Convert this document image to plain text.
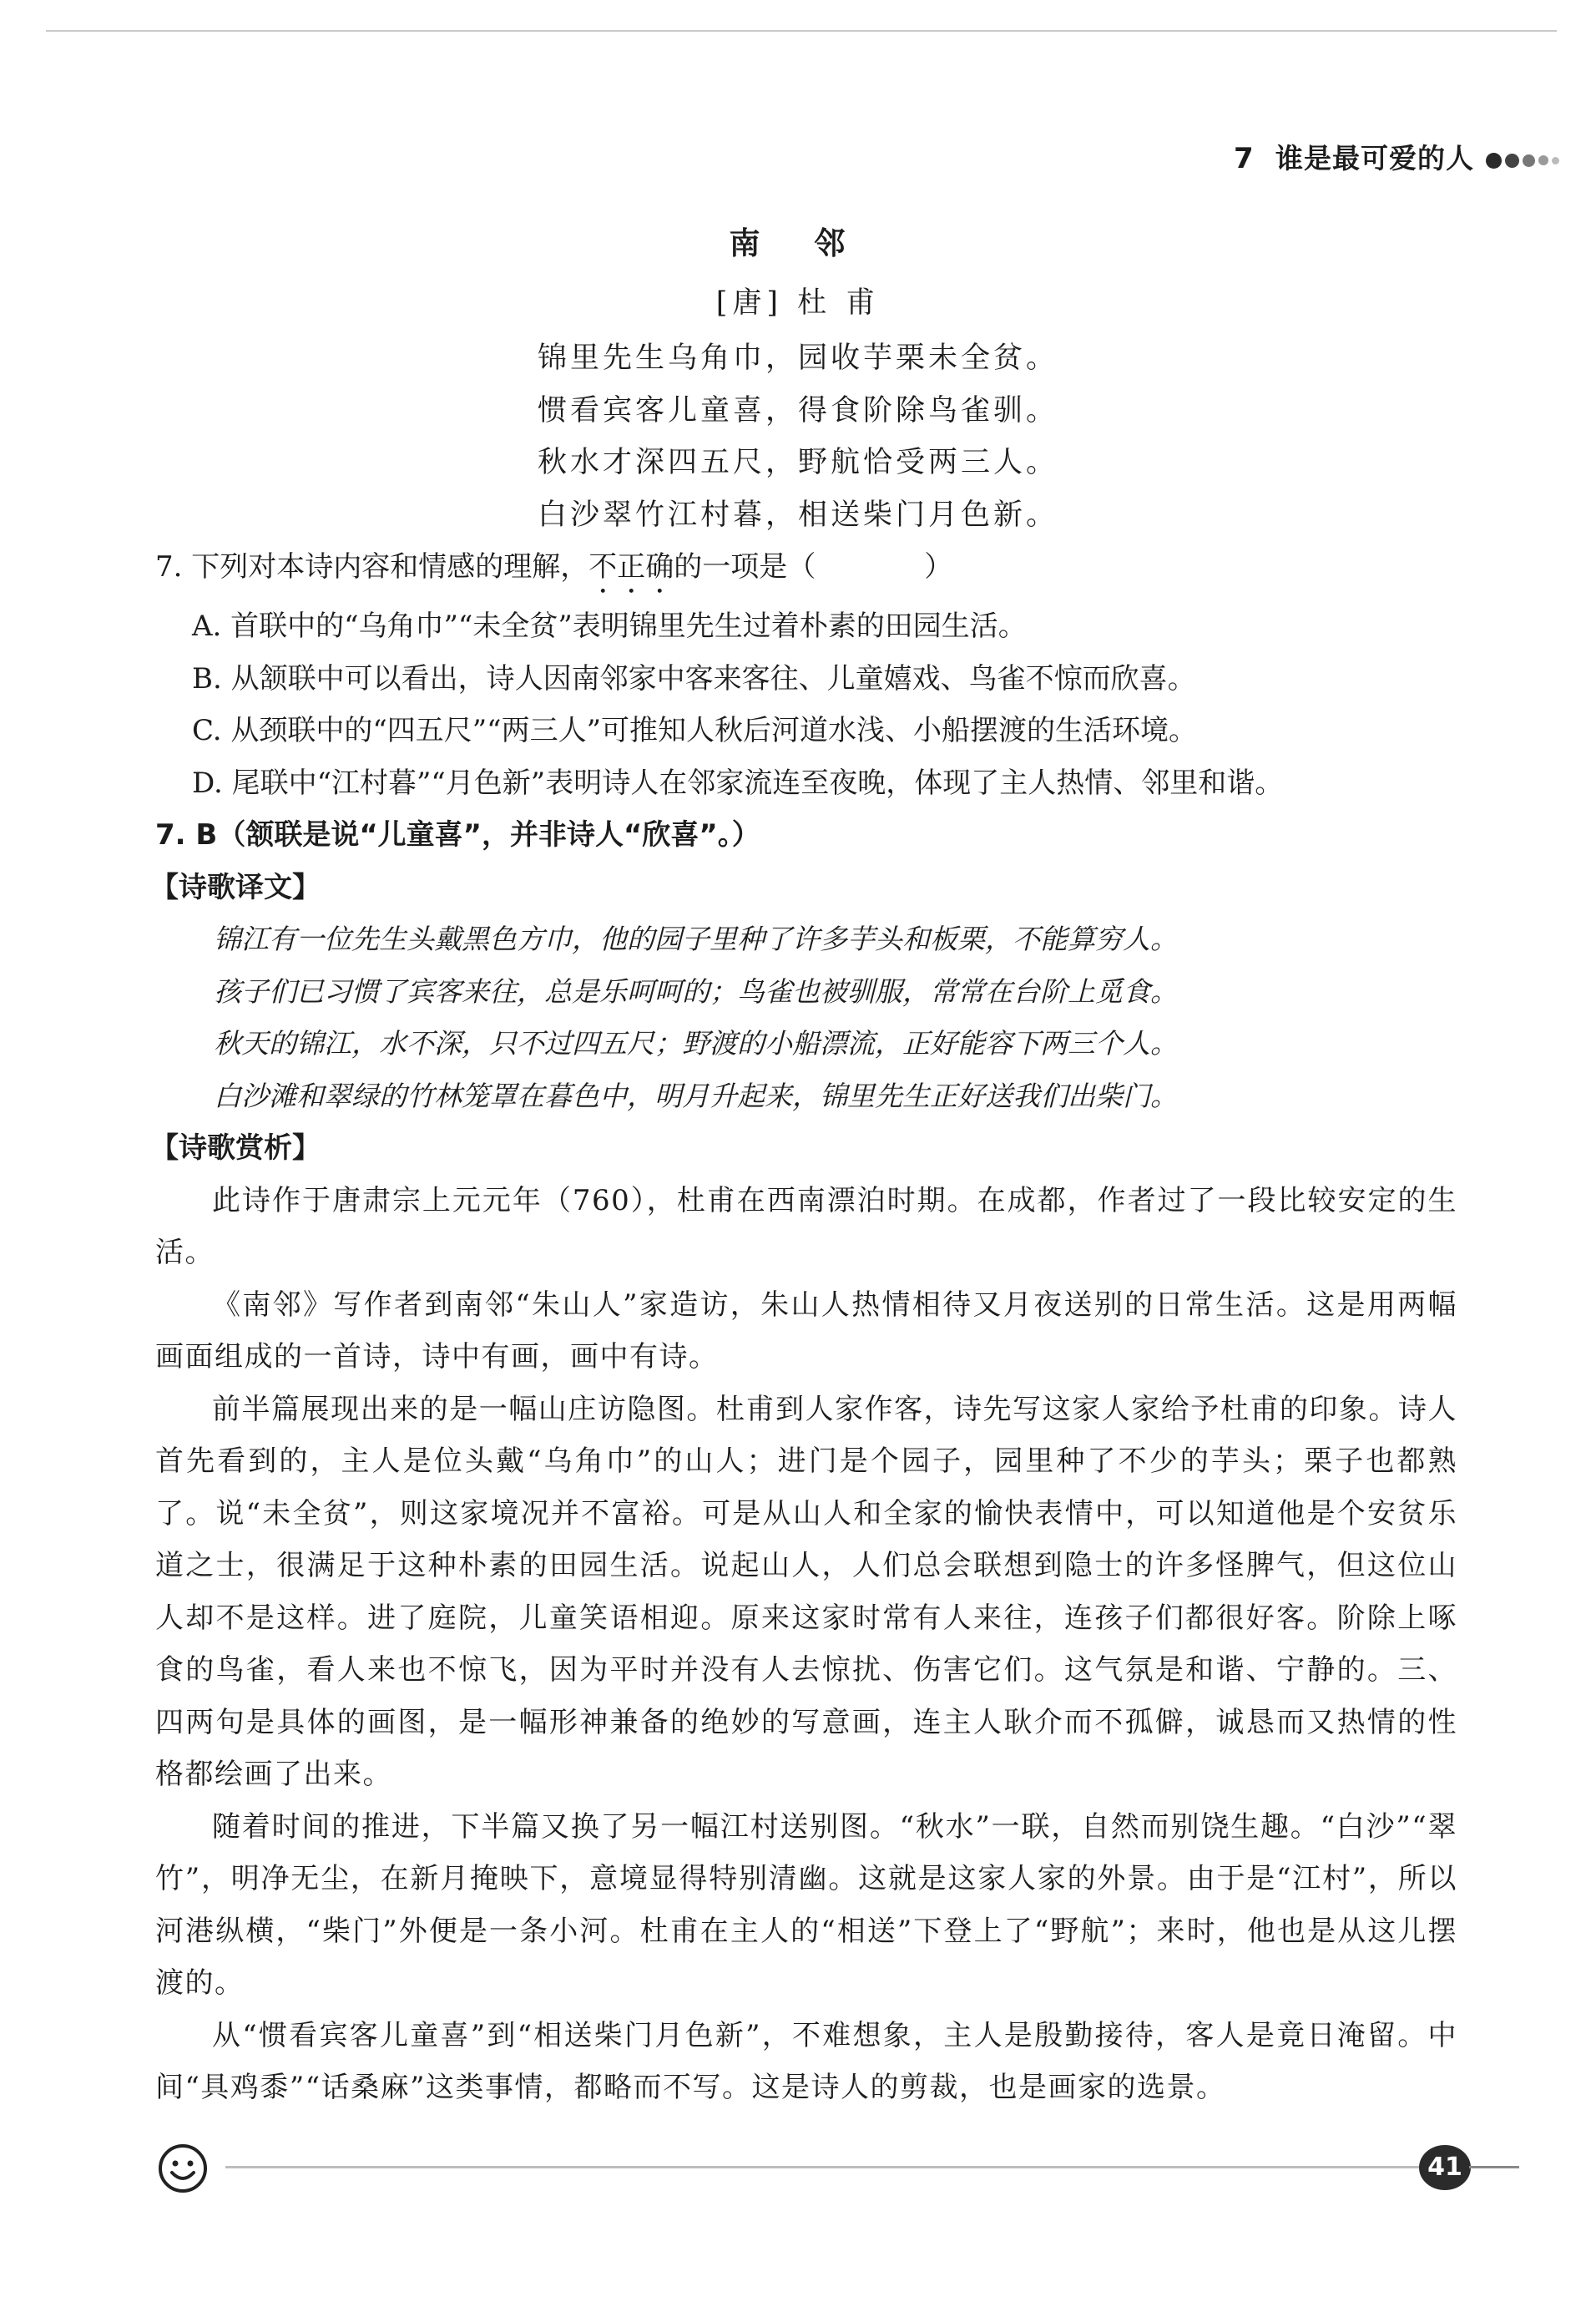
7 谁是最可爱的人
南 邻
[唐] 杜 甫
锦里先生乌角巾，园收芋栗未全贫。
惯看宾客儿童喜，得食阶除鸟雀驯。
秋水才深四五尺，野航恰受两三人。
白沙翠竹江村暮，相送柴门月色新。
7. 下列对本诗内容和情感的理解，不正确的一项是（	）
A. 首联中的“乌角巾”“未全贫”表明锦里先生过着朴素的田园生活。
B. 从颔联中可以看出，诗人因南邻家中客来客往、儿童嬉戏、鸟雀不惊而欣喜。
C. 从颈联中的“四五尺”“两三人”可推知人秋后河道水浅、小船摆渡的生活环境。
D. 尾联中“江村暮”“月色新”表明诗人在邻家流连至夜晚，体现了主人热情、邻里和谐。
7. B（颔联是说“儿童喜”，并非诗人“欣喜”。）
【诗歌译文】
锦江有一位先生头戴黑色方巾，他的园子里种了许多芋头和板栗，不能算穷人。
孩子们已习惯了宾客来往，总是乐呵呵的；鸟雀也被驯服，常常在台阶上觅食。
秋天的锦江，水不深，只不过四五尺；野渡的小船漂流，正好能容下两三个人。
白沙滩和翠绿的竹林笼罩在暮色中，明月升起来，锦里先生正好送我们出柴门。
【诗歌赏析】

此诗作于唐肃宗上元元年（760），杜甫在西南漂泊时期。在成都，作者过了一段比较安定的生活。

《南邻》写作者到南邻“朱山人”家造访，朱山人热情相待又月夜送别的日常生活。这是用两幅画面组成的一首诗，诗中有画，画中有诗。

前半篇展现出来的是一幅山庄访隐图。杜甫到人家作客，诗先写这家人家给予杜甫的印象。诗人首先看到的，主人是位头戴“乌角巾”的山人；进门是个园子，园里种了不少的芋头；栗子也都熟了。说“未全贫”，则这家境况并不富裕。可是从山人和全家的愉快表情中，可以知道他是个安贫乐道之士，很满足于这种朴素的田园生活。说起山人，人们总会联想到隐士的许多怪脾气，但这位山人却不是这样。进了庭院，儿童笑语相迎。原来这家时常有人来往，连孩子们都很好客。阶除上啄食的鸟雀，看人来也不惊飞，因为平时并没有人去惊扰、伤害它们。这气氛是和谐、宁静的。三、四两句是具体的画图，是一幅形神兼备的绝妙的写意画，连主人耿介而不孤僻，诚恳而又热情的性格都绘画了出来。

随着时间的推进，下半篇又换了另一幅江村送别图。“秋水”一联，自然而别饶生趣。“白沙”“翠竹”，明净无尘，在新月掩映下，意境显得特别清幽。这就是这家人家的外景。由于是“江村”，所以河港纵横，“柴门”外便是一条小河。杜甫在主人的“相送”下登上了“野航”；来时，他也是从这儿摆渡的。

从“惯看宾客儿童喜”到“相送柴门月色新”，不难想象，主人是殷勤接待，客人是竟日淹留。中间“具鸡黍”“话桑麻”这类事情，都略而不写。这是诗人的剪裁，也是画家的选景。

41
